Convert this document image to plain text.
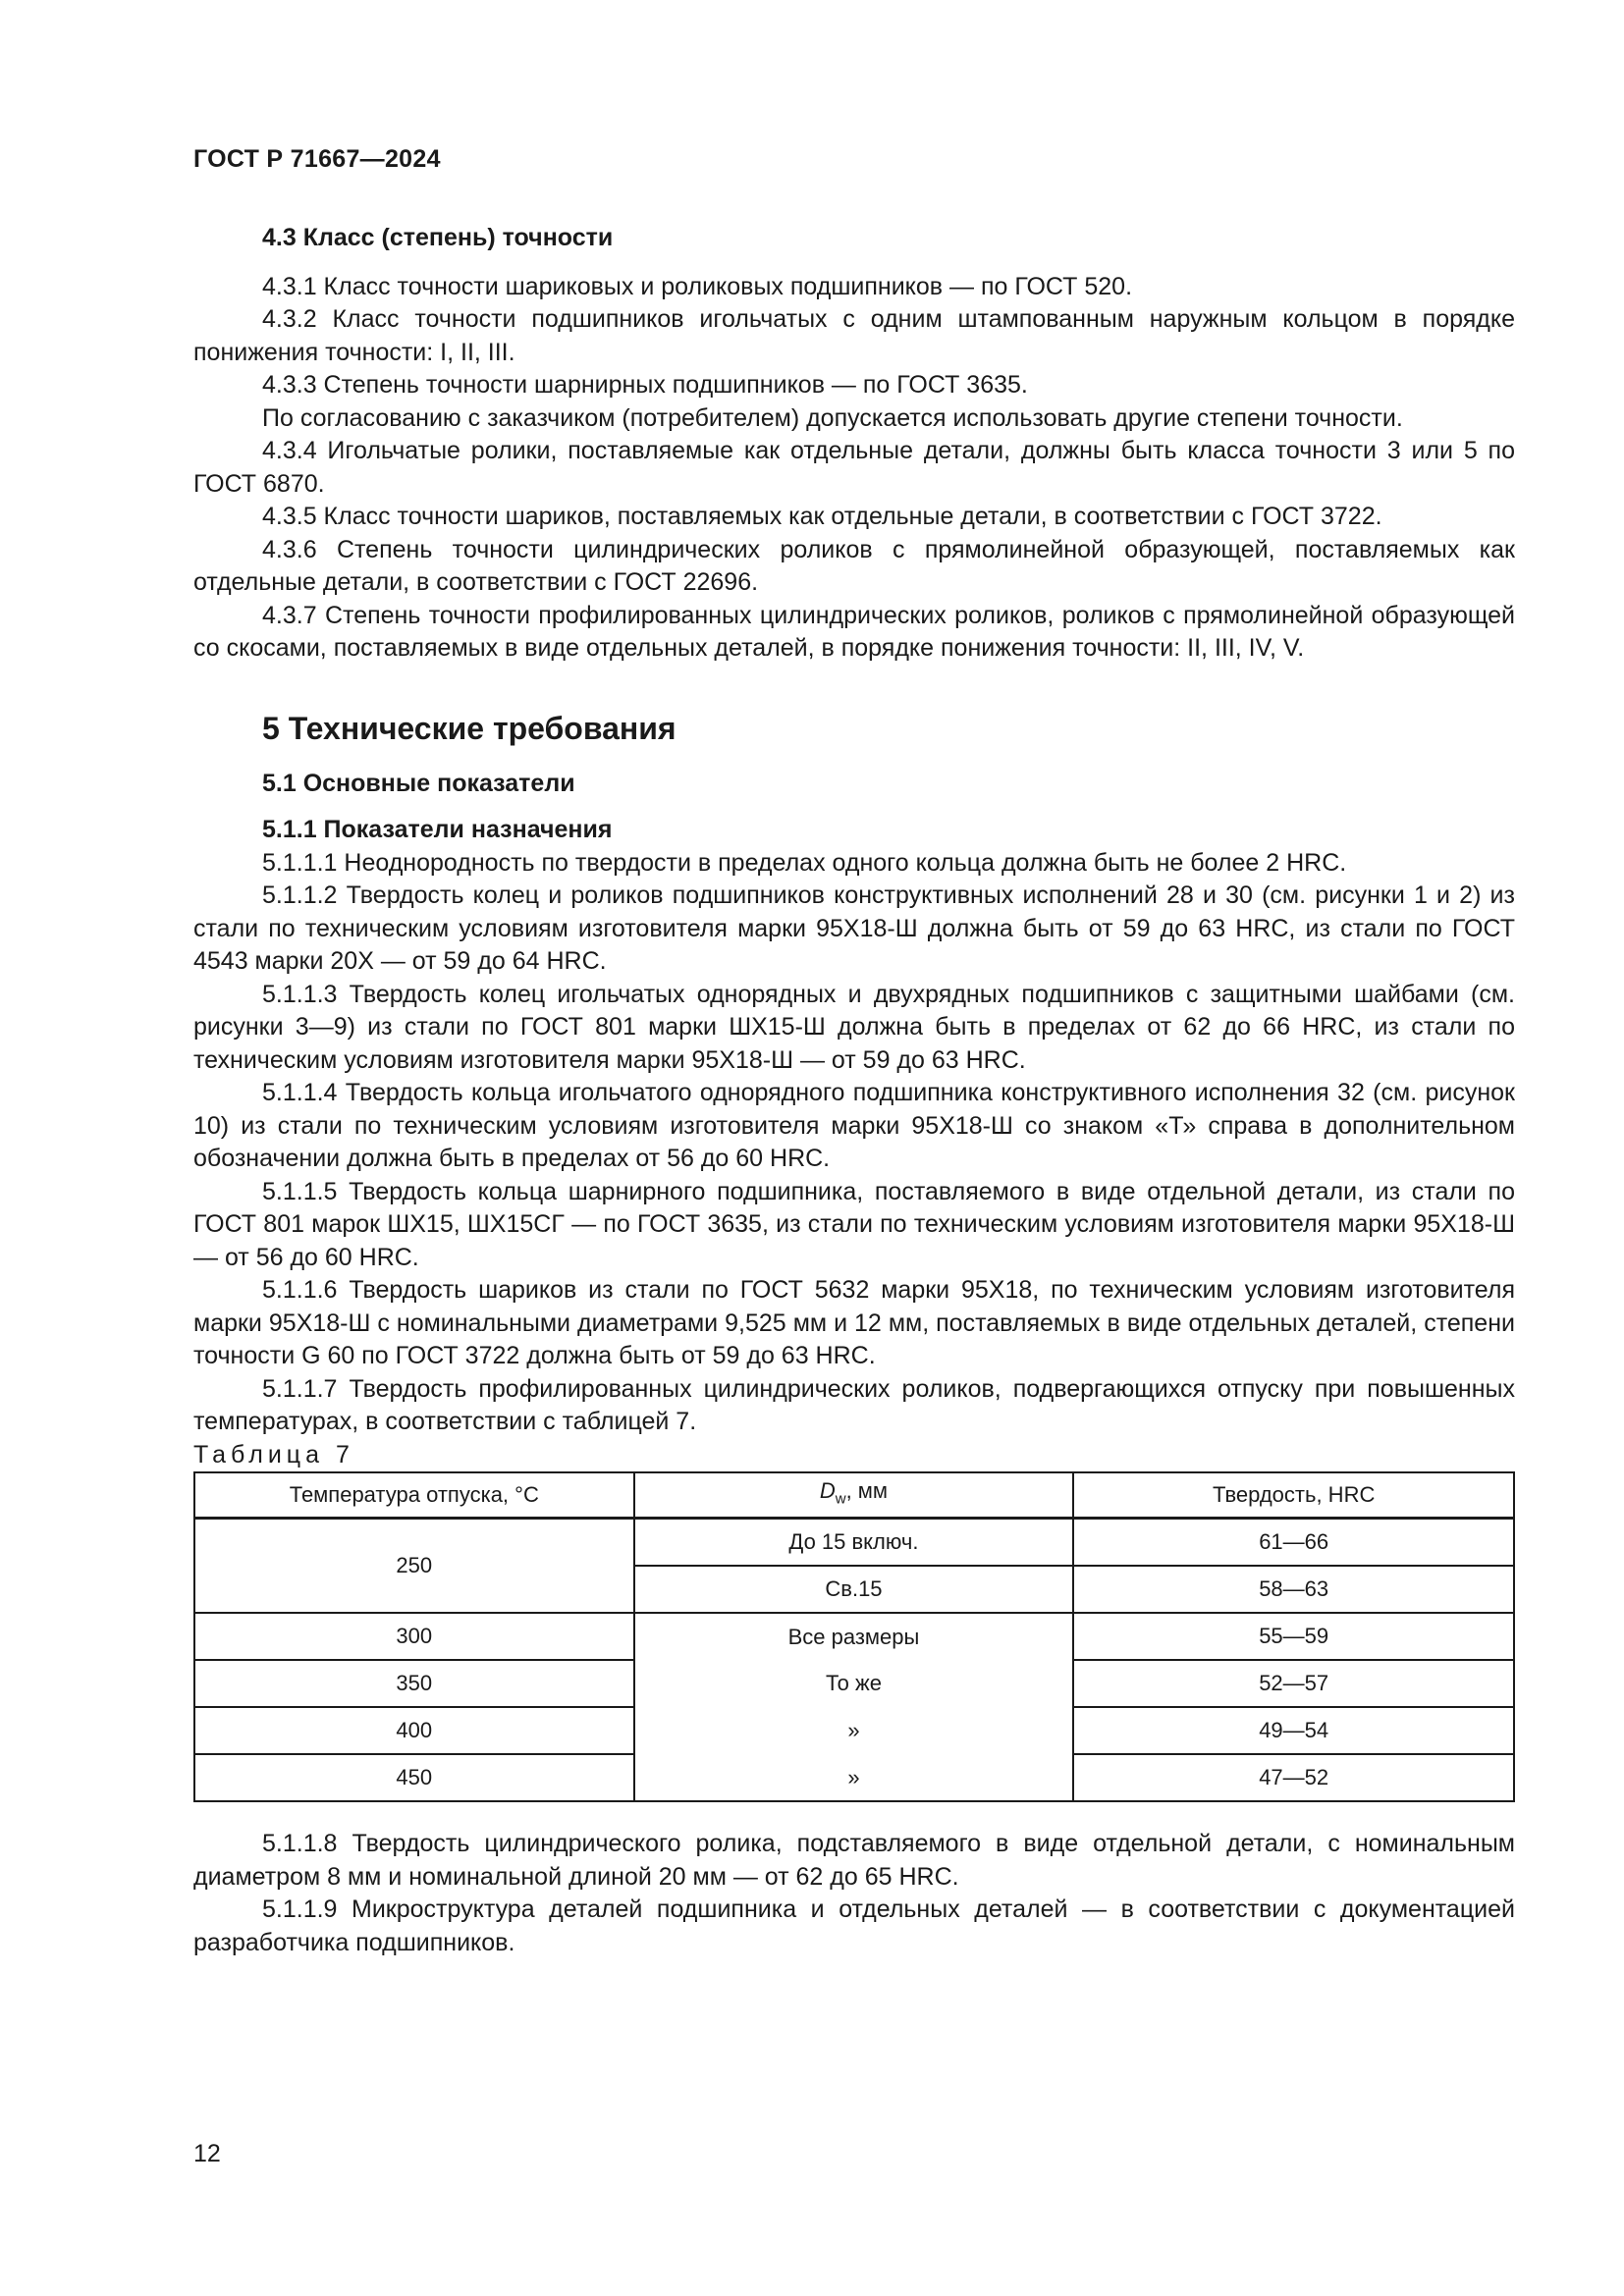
ГОСТ Р 71667—2024
4.3 Класс (степень) точности

4.3.1 Класс точности шариковых и роликовых подшипников — по ГОСТ 520.

4.3.2 Класс точности подшипников игольчатых с одним штампованным наружным кольцом в порядке понижения точности: I, II, III.

4.3.3 Степень точности шарнирных подшипников — по ГОСТ 3635.

По согласованию с заказчиком (потребителем) допускается использовать другие степени точности.

4.3.4 Игольчатые ролики, поставляемые как отдельные детали, должны быть класса точности 3 или 5 по ГОСТ 6870.

4.3.5 Класс точности шариков, поставляемых как отдельные детали, в соответствии с ГОСТ 3722.

4.3.6 Степень точности цилиндрических роликов с прямолинейной образующей, поставляемых как отдельные детали, в соответствии с ГОСТ 22696.

4.3.7 Степень точности профилированных цилиндрических роликов, роликов с прямолинейной образующей со скосами, поставляемых в виде отдельных деталей, в порядке понижения точности: II, III, IV, V.

5 Технические требования
5.1 Основные показатели
5.1.1 Показатели назначения

5.1.1.1 Неоднородность по твердости в пределах одного кольца должна быть не более 2 HRC.

5.1.1.2 Твердость колец и роликов подшипников конструктивных исполнений 28 и 30 (см. рисунки 1 и 2) из стали по техническим условиям изготовителя марки 95Х18-Ш должна быть от 59 до 63 HRC, из стали по ГОСТ 4543 марки 20Х — от 59 до 64 HRC.

5.1.1.3 Твердость колец игольчатых однорядных и двухрядных подшипников с защитными шайбами (см. рисунки 3—9) из стали по ГОСТ 801 марки ШХ15-Ш должна быть в пределах от 62 до 66 HRC, из стали по техническим условиям изготовителя марки 95Х18-Ш — от 59 до 63 HRC.

5.1.1.4 Твердость кольца игольчатого однорядного подшипника конструктивного исполнения 32 (см. рисунок 10) из стали по техническим условиям изготовителя марки 95Х18-Ш со знаком «Т» справа в дополнительном обозначении должна быть в пределах от 56 до 60 HRC.

5.1.1.5 Твердость кольца шарнирного подшипника, поставляемого в виде отдельной детали, из стали по ГОСТ 801 марок ШХ15, ШХ15СГ — по ГОСТ 3635, из стали по техническим условиям изготовителя марки 95Х18-Ш — от 56 до 60 HRC.

5.1.1.6 Твердость шариков из стали по ГОСТ 5632 марки 95Х18, по техническим условиям изготовителя марки 95Х18-Ш с номинальными диаметрами 9,525 мм и 12 мм, поставляемых в виде отдельных деталей, степени точности G 60 по ГОСТ 3722 должна быть от 59 до 63 HRC.

5.1.1.7 Твердость профилированных цилиндрических роликов, подвергающихся отпуску при повышенных температурах, в соответствии с таблицей 7.

Таблица 7

Температура отпуска, °С	$D_w$, мм	Твердость, HRC
250	До 15 включ.	61—66
	Св.15	58—63
300	Все размеры	55—59
350	То же	52—57
400	»	49—54
450	»	47—52

5.1.1.8 Твердость цилиндрического ролика, подставляемого в виде отдельной детали, с номинальным диаметром 8 мм и номинальной длиной 20 мм — от 62 до 65 HRC.

5.1.1.9 Микроструктура деталей подшипника и отдельных деталей — в соответствии с документацией разработчика подшипников.

12
